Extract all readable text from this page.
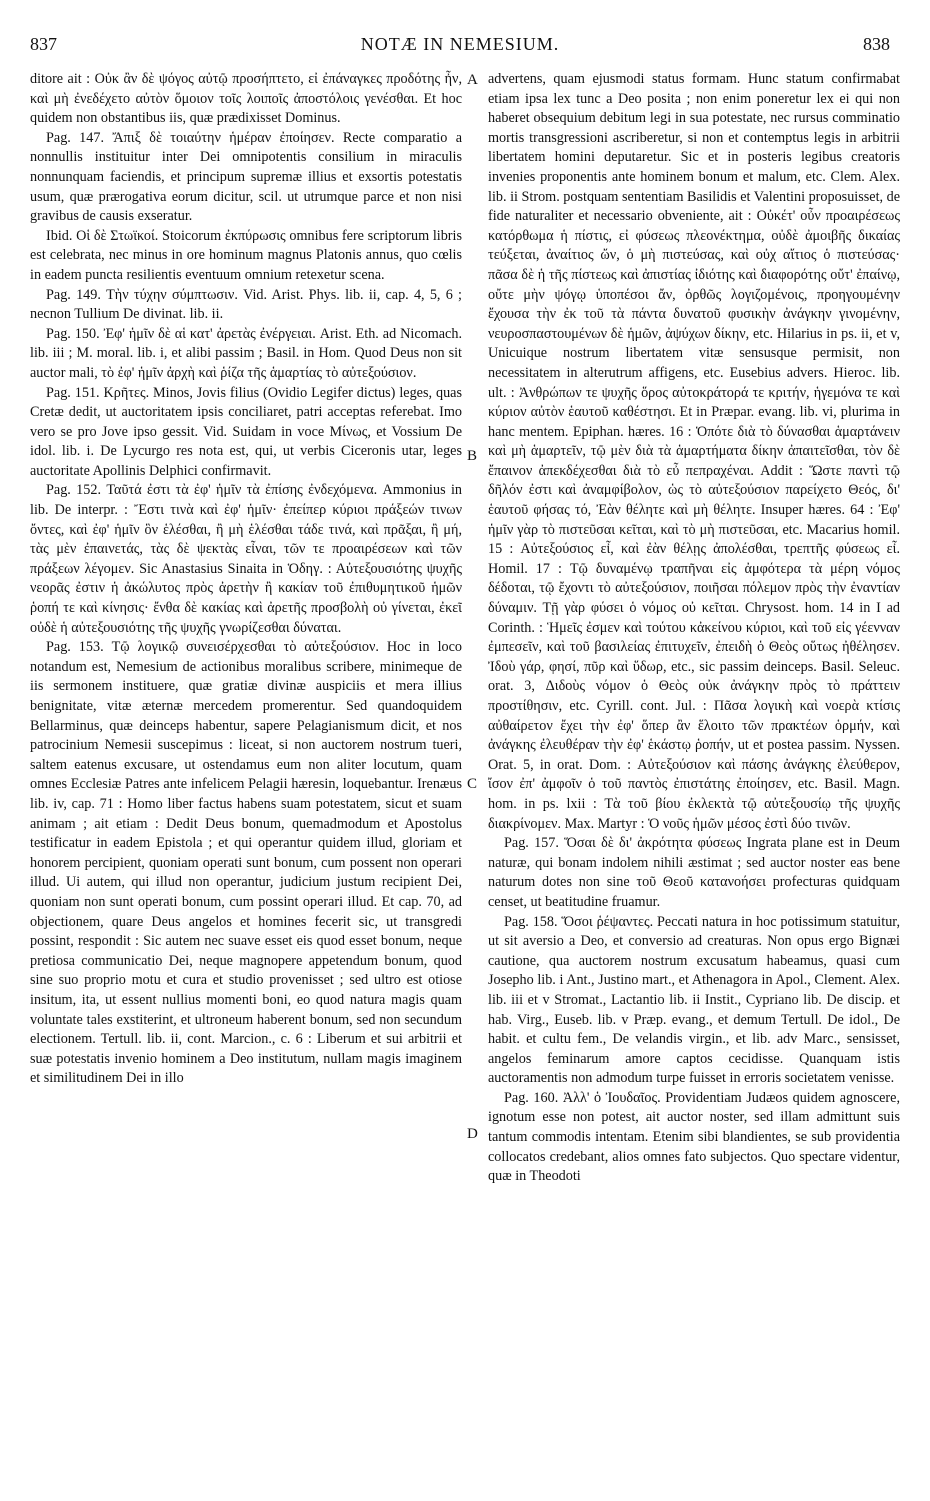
837	NOTÆ IN NEMESIUM.	838
A
B
C
D

ditore ait : Οὐκ ἂν δὲ ψόγος αὐτῷ προσήπτετο, εἰ ἐπάναγκες προδότης ἦν, καὶ μὴ ἐνεδέχετο αὐτὸν ὅμοιον τοῖς λοιποῖς ἀποστόλοις γενέσθαι. Et hoc quidem non obstantibus iis, quæ prædixisset Dominus.

Pag. 147. Ἄπιξ δὲ τοιαύτην ἡμέραν ἐποίησεν. Recte comparatio a nonnullis instituitur inter Dei omnipotentis consilium in miraculis nonnunquam faciendis, et principum supremæ illius et exsortis potestatis usum, quæ prærogativa eorum dicitur, scil. ut utrumque parce et non nisi gravibus de causis exseratur.

Ibid. Οἱ δὲ Στωϊκοί. Stoicorum ἐκπύρωσις omnibus fere scriptorum libris est celebrata, nec minus in ore hominum magnus Platonis annus, quo cœlis in eadem puncta resilientis eventuum omnium retexetur scena.

Pag. 149. Τὴν τύχην σύμπτωσιν. Vid. Arist. Phys. lib. ii, cap. 4, 5, 6 ; necnon Tullium De divinat. lib. ii.

Pag. 150. Ἐφ' ἡμῖν δὲ αἱ κατ' ἀρετὰς ἐνέργειαι. Arist. Eth. ad Nicomach. lib. iii ; M. moral. lib. i, et alibi passim ; Basil. in Hom. Quod Deus non sit auctor mali, τὸ ἐφ' ἡμῖν ἀρχὴ καὶ ῥίζα τῆς ἁμαρτίας τὸ αὐτεξούσιον.

Pag. 151. Κρῆτες. Minos, Jovis filius (Ovidio Legifer dictus) leges, quas Cretæ dedit, ut auctoritatem ipsis conciliaret, patri acceptas referebat. Imo vero se pro Jove ipso gessit. Vid. Suidam in voce Μίνως, et Vossium De idol. lib. i. De Lycurgo res nota est, qui, ut verbis Ciceronis utar, leges auctoritate Apollinis Delphici confirmavit.

Pag. 152. Ταῦτά ἐστι τὰ ἐφ' ἡμῖν τὰ ἐπίσης ἐνδεχόμενα. Ammonius in lib. De interpr. : Ἔστι τινὰ καὶ ἐφ' ἡμῖν· ἐπείπερ κύριοι πράξεών τινων ὄντες, καὶ ἐφ' ἡμῖν ὃν ἑλέσθαι, ἢ μὴ ἑλέσθαι τάδε τινά, καὶ πρᾶξαι, ἢ μή, τὰς μὲν ἐπαινετάς, τὰς δὲ ψεκτὰς εἶναι, τῶν τε προαιρέσεων καὶ τῶν πράξεων λέγομεν. Sic Anastasius Sinaita in Ὁδηγ. : Αὐτεξουσιότης ψυχῆς νεορᾶς ἐστιν ἡ ἀκώλυτος πρὸς ἀρετὴν ἢ κακίαν τοῦ ἐπιθυμητικοῦ ἡμῶν ῥοπή τε καὶ κίνησις· ἔνθα δὲ κακίας καὶ ἀρετῆς προσβολὴ οὐ γίνεται, ἐκεῖ οὐδὲ ἡ αὐτεξουσιότης τῆς ψυχῆς γνωρίζεσθαι δύναται.

Pag. 153. Τῷ λογικῷ συνεισέρχεσθαι τὸ αὐτεξούσιον. Hoc in loco notandum est, Nemesium de actionibus moralibus scribere, minimeque de iis sermonem instituere, quæ gratiæ divinæ auspiciis et mera illius benignitate, vitæ æternæ mercedem promerentur. Sed quandoquidem Bellarminus, quæ deinceps habentur, sapere Pelagianismum dicit, et nos patrocinium Nemesii suscepimus : liceat, si non auctorem nostrum tueri, saltem eatenus excusare, ut ostendamus eum non aliter locutum, quam omnes Ecclesiæ Patres ante infelicem Pelagii hæresin, loquebantur. Irenæus lib. iv, cap. 71 : Homo liber factus habens suam potestatem, sicut et suam animam ; ait etiam : Dedit Deus bonum, quemadmodum et Apostolus testificatur in eadem Epistola ; et qui operantur quidem illud, gloriam et honorem percipient, quoniam operati sunt bonum, cum possent non operari illud. Ui autem, qui illud non operantur, judicium justum recipient Dei, quoniam non sunt operati bonum, cum possint operari illud. Et cap. 70, ad objectionem, quare Deus angelos et homines fecerit sic, ut transgredi possint, respondit : Sic autem nec suave esset eis quod esset bonum, neque pretiosa communicatio Dei, neque magnopere appetendum bonum, quod sine suo proprio motu et cura et studio provenisset ; sed ultro est otiose insitum, ita, ut essent nullius momenti boni, eo quod natura magis quam voluntate tales exstiterint, et ultroneum haberent bonum, sed non secundum electionem. Tertull. lib. ii, cont. Marcion., c. 6 : Liberum et sui arbitrii et suæ potestatis invenio hominem a Deo institutum, nullam magis imaginem et similitudinem Dei in illo

advertens, quam ejusmodi status formam. Hunc statum confirmabat etiam ipsa lex tunc a Deo posita ; non enim poneretur lex ei qui non haberet obsequium debitum legi in sua potestate, nec rursus comminatio mortis transgressioni ascriberetur, si non et contemptus legis in arbitrii libertatem homini deputaretur. Sic et in posteris legibus creatoris invenies proponentis ante hominem bonum et malum, etc. Clem. Alex. lib. ii Strom. postquam sententiam Basilidis et Valentini proposuisset, de fide naturaliter et necessario obveniente, ait : Οὐκέτ' οὖν προαιρέσεως κατόρθωμα ἡ πίστις, εἰ φύσεως πλεονέκτημα, οὐδὲ ἀμοιβῆς δικαίας τεύξεται, ἀναίτιος ὤν, ὁ μὴ πιστεύσας, καὶ οὐχ αἴτιος ὁ πιστεύσας· πᾶσα δὲ ἡ τῆς πίστεως καὶ ἀπιστίας ἰδιότης καὶ διαφορότης οὔτ' ἐπαίνῳ, οὔτε μὴν ψόγῳ ὑποπέσοι ἄν, ὀρθῶς λογιζομένοις, προηγουμένην ἔχουσα τὴν ἐκ τοῦ τὰ πάντα δυνατοῦ φυσικὴν ἀνάγκην γινομένην, νευροσπαστουμένων δὲ ἡμῶν, ἀψύχων δίκην, etc. Hilarius in ps. ii, et v, Unicuique nostrum libertatem vitæ sensusque permisit, non necessitatem in alterutrum affigens, etc. Eusebius advers. Hieroc. lib. ult. : Ἀνθρώπων τε ψυχῆς ὅρος αὐτοκράτορά τε κριτήν, ἡγεμόνα τε καὶ κύριον αὐτὸν ἑαυτοῦ καθέστησι. Et in Præpar. evang. lib. vi, plurima in hanc mentem. Epiphan. hæres. 16 : Ὁπότε διὰ τὸ δύνασθαι ἁμαρτάνειν καὶ μὴ ἁμαρτεῖν, τῷ μὲν διὰ τὰ ἁμαρτήματα δίκην ἀπαιτεῖσθαι, τὸν δὲ ἔπαινον ἀπεκδέχεσθαι διὰ τὸ εὖ πεπραχέναι. Addit : Ὥστε παντὶ τῷ δῆλόν ἐστι καὶ ἀναμφίβολον, ὡς τὸ αὐτεξούσιον παρείχετο Θεός, δι' ἑαυτοῦ φήσας τό, Ἐὰν θέλητε καὶ μὴ θέλητε. Insuper hæres. 64 : Ἐφ' ἡμῖν γὰρ τὸ πιστεῦσαι κεῖται, καὶ τὸ μὴ πιστεῦσαι, etc. Macarius homil. 15 : Αὐτεξούσιος εἶ, καὶ ἐὰν θέλῃς ἀπολέσθαι, τρεπτῆς φύσεως εἶ. Homil. 17 : Τῷ δυναμένῳ τραπῆναι εἰς ἀμφότερα τὰ μέρη νόμος δέδοται, τῷ ἔχοντι τὸ αὐτεξούσιον, ποιῆσαι πόλεμον πρὸς τὴν ἐναντίαν δύναμιν. Τῇ γὰρ φύσει ὁ νόμος οὐ κεῖται. Chrysost. hom. 14 in I ad Corinth. : Ἡμεῖς ἐσμεν καὶ τούτου κἀκείνου κύριοι, καὶ τοῦ εἰς γέενναν ἐμπεσεῖν, καὶ τοῦ βασιλείας ἐπιτυχεῖν, ἐπειδὴ ὁ Θεὸς οὕτως ἠθέλησεν. Ἰδοὺ γάρ, φησί, πῦρ καὶ ὕδωρ, etc., sic passim deinceps. Basil. Seleuc. orat. 3, Διδοὺς νόμον ὁ Θεὸς οὐκ ἀνάγκην πρὸς τὸ πράττειν προστίθησιν, etc. Cyrill. cont. Jul. : Πᾶσα λογικὴ καὶ νοερὰ κτίσις αὐθαίρετον ἔχει τὴν ἐφ' ὅπερ ἂν ἕλοιτο τῶν πρακτέων ὁρμήν, καὶ ἀνάγκης ἐλευθέραν τὴν ἐφ' ἑκάστῳ ῥοπήν, ut et postea passim. Nyssen. Orat. 5, in orat. Dom. : Αὐτεξούσιον καὶ πάσης ἀνάγκης ἐλεύθερον, ἴσον ἐπ' ἀμφοῖν ὁ τοῦ παντὸς ἐπιστάτης ἐποίησεν, etc. Basil. Magn. hom. in ps. lxii : Τὰ τοῦ βίου ἐκλεκτὰ τῷ αὐτεξουσίῳ τῆς ψυχῆς διακρίνομεν. Max. Martyr : Ὁ νοῦς ἡμῶν μέσος ἐστὶ δύο τινῶν.

Pag. 157. Ὅσαι δὲ δι' ἀκρότητα φύσεως Ingrata plane est in Deum naturæ, qui bonam indolem nihili æstimat ; sed auctor noster eas bene naturum dotes non sine τοῦ Θεοῦ κατανοήσει profecturas quidquam censet, ut beatitudine fruamur.

Pag. 158. Ὅσοι ῥέψαντες. Peccati natura in hoc potissimum statuitur, ut sit aversio a Deo, et conversio ad creaturas. Non opus ergo Bignæi cautione, qua auctorem nostrum excusatum habeamus, quasi cum Josepho lib. i Ant., Justino mart., et Athenagora in Apol., Clement. Alex. lib. iii et v Stromat., Lactantio lib. ii Instit., Cypriano lib. De discip. et hab. Virg., Euseb. lib. v Præp. evang., et demum Tertull. De idol., De habit. et cultu fem., De velandis virgin., et lib. adv Marc., sensisset, angelos feminarum amore captos cecidisse. Quanquam istis auctoramentis non admodum turpe fuisset in erroris societatem venisse.

Pag. 160. Ἀλλ' ὁ Ἰουδαῖος. Providentiam Judæos quidem agnoscere, ignotum esse non potest, ait auctor noster, sed illam admittunt suis tantum commodis intentam. Etenim sibi blandientes, se sub providentia collocatos credebant, alios omnes fato subjectos. Quo spectare videntur, quæ in Theodoti
